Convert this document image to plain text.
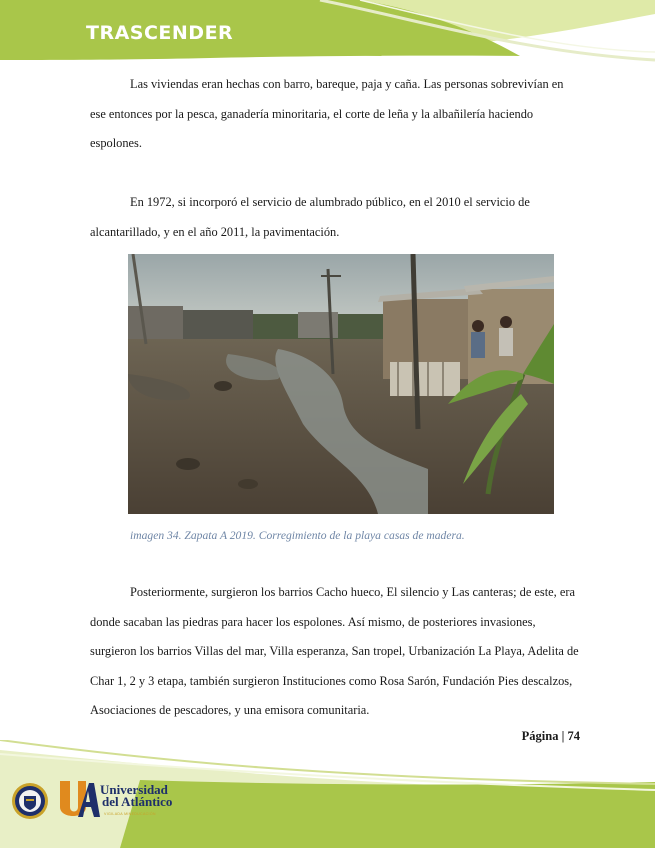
TRASCENDER

Las viviendas eran hechas con barro, bareque, paja y caña. Las personas sobrevivían en ese entonces por la pesca, ganadería minoritaria, el corte de leña y la albañilería haciendo espolones.

En 1972, si incorporó el servicio de alumbrado público, en el 2010 el servicio de alcantarillado, y en el año 2011, la pavimentación.

imagen 34. Zapata A 2019. Corregimiento de la playa casas de madera.

Posteriormente, surgieron los barrios Cacho hueco, El silencio y Las canteras; de este, era donde sacaban las piedras para hacer los espolones. Así mismo, de posteriores invasiones, surgieron los barrios Villas del mar, Villa esperanza, San tropel, Urbanización La Playa, Adelita de Char 1, 2 y 3 etapa, también surgieron Instituciones como Rosa Sarón, Fundación Pies descalzos, Asociaciones de pescadores, y una emisora comunitaria.

Página | 74
Universidad
del Atlántico
VIGILADA MINEDUCACIÓN
